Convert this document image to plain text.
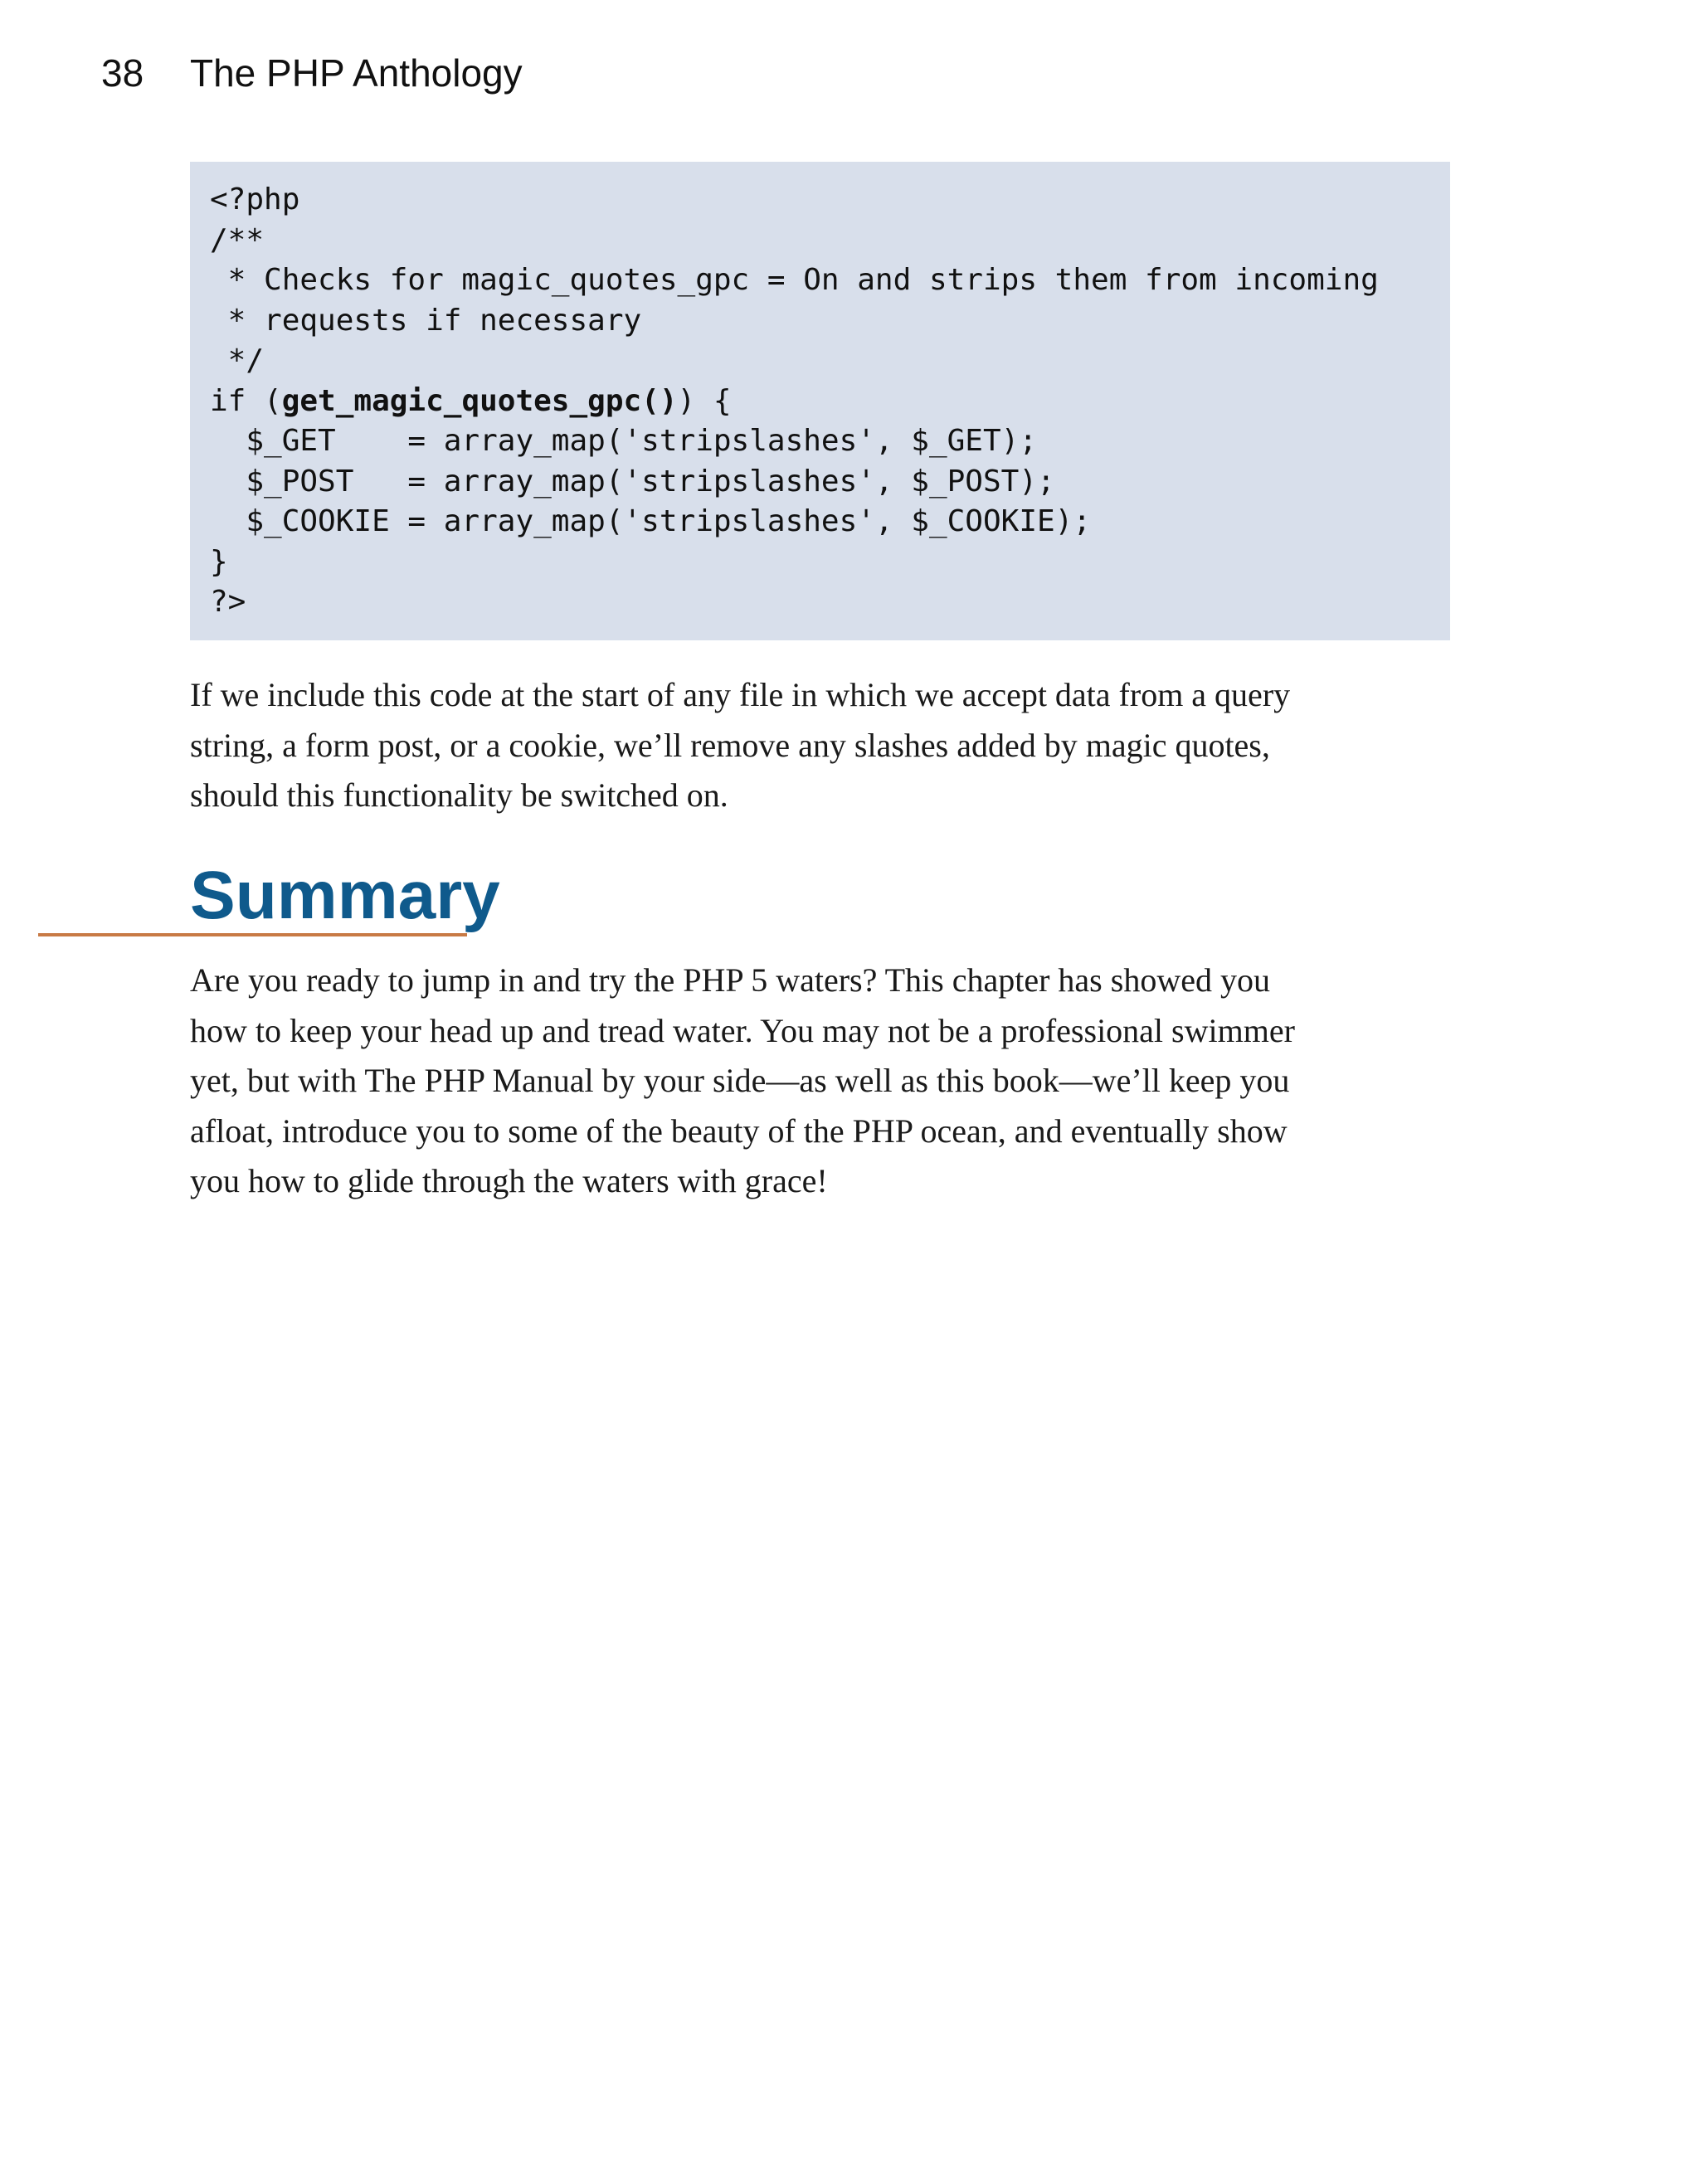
38 The PHP Anthology
<?php
/**
* Checks for magic_quotes_gpc = On and strips them from incoming
* requests if necessary
*/
if (get_magic_quotes_gpc()) {
$_GET    = array_map('stripslashes', $_GET);
$_POST   = array_map('stripslashes', $_POST);
$_COOKIE = array_map('stripslashes', $_COOKIE);
}
?>

If we include this code at the start of any file in which we accept data from a query
string, a form post, or a cookie, we’ll remove any slashes added by magic quotes,
should this functionality be switched on.

Summary

Are you ready to jump in and try the PHP 5 waters? This chapter has showed you
how to keep your head up and tread water. You may not be a professional swimmer
yet, but with The PHP Manual by your side—as well as this book—we’ll keep you
afloat, introduce you to some of the beauty of the PHP ocean, and eventually show
you how to glide through the waters with grace!
